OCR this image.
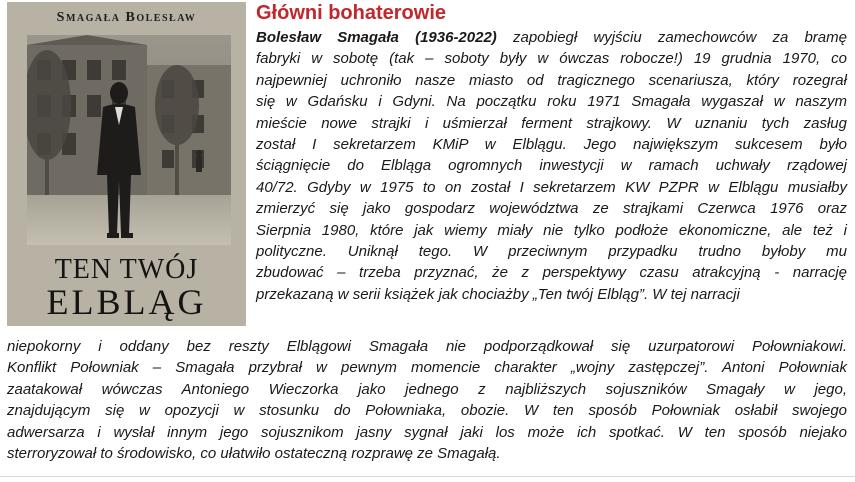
Smagała Bolesław
TEN TWÓJ
ELBLĄG
Główni bohaterowie
Bolesław Smagała (1936-2022) zapobiegł wyjściu zamechowców za bramę
fabryki w sobotę (tak – soboty były w ówczas robocze!) 19 grudnia 1970, co
najpewniej uchroniło nasze miasto od tragicznego scenariusza, który rozegrał
się w Gdańsku i Gdyni. Na początku roku 1971 Smagała wygaszał w naszym
mieście nowe strajki i uśmierzał ferment strajkowy. W uznaniu tych zasług
został I sekretarzem KMiP w Elblągu. Jego największym sukcesem było
ściągnięcie do Elbląga ogromnych inwestycji w ramach uchwały rządowej
40/72. Gdyby w 1975 to on został I sekretarzem KW PZPR w Elblągu musiałby
zmierzyć się jako gospodarz województwa ze strajkami Czerwca 1976 oraz
Sierpnia 1980, które jak wiemy miały nie tylko podłoże ekonomiczne, ale też i
polityczne. Uniknął tego. W przeciwnym przypadku trudno byłoby mu
zbudować – trzeba przyznać, że z perspektywy czasu atrakcyjną - narrację
przekazaną w serii książek jak chociażby „Ten twój Elbląg”. W tej narracji
niepokorny i oddany bez reszty Elblągowi Smagała nie podporządkował się uzurpatorowi Połowniakowi.
Konflikt Połowniak – Smagała przybrał w pewnym momencie charakter „wojny zastępczej”. Antoni Połowniak
zaatakował wówczas Antoniego Wieczorka jako jednego z najbliższych sojuszników Smagały w jego,
znajdującym się w opozycji w stosunku do Połowniaka, obozie. W ten sposób Połowniak osłabił swojego
adwersarza i wysłał innym jego sojusznikom jasny sygnał jaki los może ich spotkać. W ten sposób niejako
sterroryzował to środowisko, co ułatwiło ostateczną rozprawę ze Smagałą.
